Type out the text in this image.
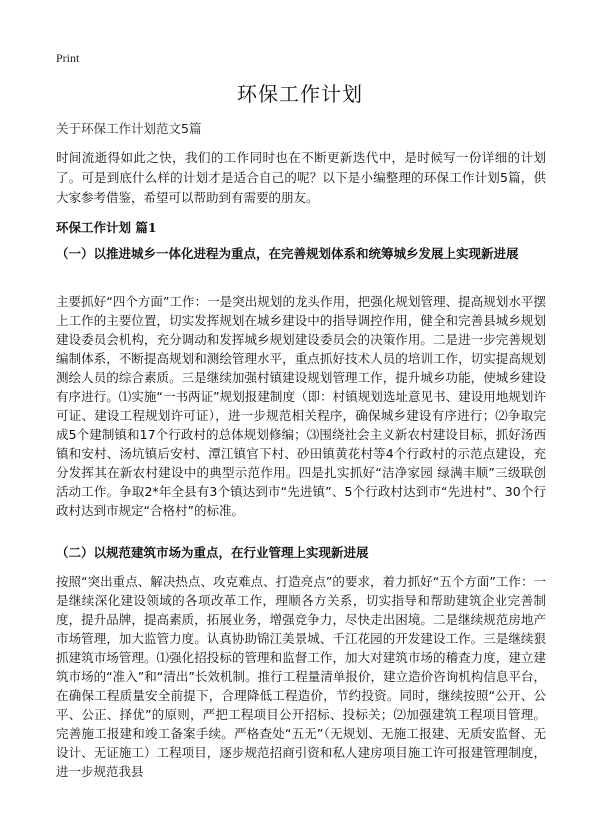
Print
环保工作计划
关于环保工作计划范文5篇
时间流逝得如此之快，我们的工作同时也在不断更新迭代中，是时候写一份详细的计划了。可是到底什么样的计划才是适合自己的呢？以下是小编整理的环保工作计划5篇，供大家参考借鉴，希望可以帮助到有需要的朋友。
环保工作计划 篇1
（一）以推进城乡一体化进程为重点，在完善规划体系和统筹城乡发展上实现新进展
主要抓好“四个方面”工作：一是突出规划的龙头作用，把强化规划管理、提高规划水平摆上工作的主要位置，切实发挥规划在城乡建设中的指导调控作用，健全和完善县城乡规划建设委员会机构，充分调动和发挥城乡规划建设委员会的决策作用。二是进一步完善规划编制体系，不断提高规划和测绘管理水平，重点抓好技术人员的培训工作，切实提高规划测绘人员的综合素质。三是继续加强村镇建设规划管理工作，提升城乡功能，使城乡建设有序进行。⑴实施“一书两证”规划报建制度（即：村镇规划选址意见书、建设用地规划许可证、建设工程规划许可证），进一步规范相关程序，确保城乡建设有序进行；⑵争取完成5个建制镇和17个行政村的总体规划修编；⑶围绕社会主义新农村建设目标，抓好汤西镇和安村、汤坑镇后安村、潭江镇官下村、砂田镇黄花村等4个行政村的示范点建设，充分发挥其在新农村建设中的典型示范作用。四是扎实抓好“洁净家园 绿满丰顺”三级联创活动工作。争取2*年全县有3个镇达到市“先进镇”、5个行政村达到市“先进村”、30个行政村达到市规定“合格村”的标准。
（二）以规范建筑市场为重点，在行业管理上实现新进展
按照“突出重点、解决热点、攻克难点、打造亮点”的要求，着力抓好“五个方面”工作：一是继续深化建设领域的各项改革工作，理顺各方关系，切实指导和帮助建筑企业完善制度，提升品牌，提高素质，拓展业务，增强竞争力，尽快走出困境。二是继续规范房地产市场管理，加大监管力度。认真协助锦江美景城、千江花园的开发建设工作。三是继续狠抓建筑市场管理。⑴强化招投标的管理和监督工作，加大对建筑市场的稽查力度，建立建筑市场的“准入”和“清出”长效机制。推行工程量清单报价，建立造价咨询机构信息平台，在确保工程质量安全前提下，合理降低工程造价，节约投资。同时，继续按照“公开、公平、公正、择优”的原则，严把工程项目公开招标、投标关；⑵加强建筑工程项目管理。完善施工报建和竣工备案手续。严格查处“五无”（无规划、无施工报建、无质安监督、无设计、无证施工）工程项目，逐步规范招商引资和私人建房项目施工许可报建管理制度，进一步规范我县
